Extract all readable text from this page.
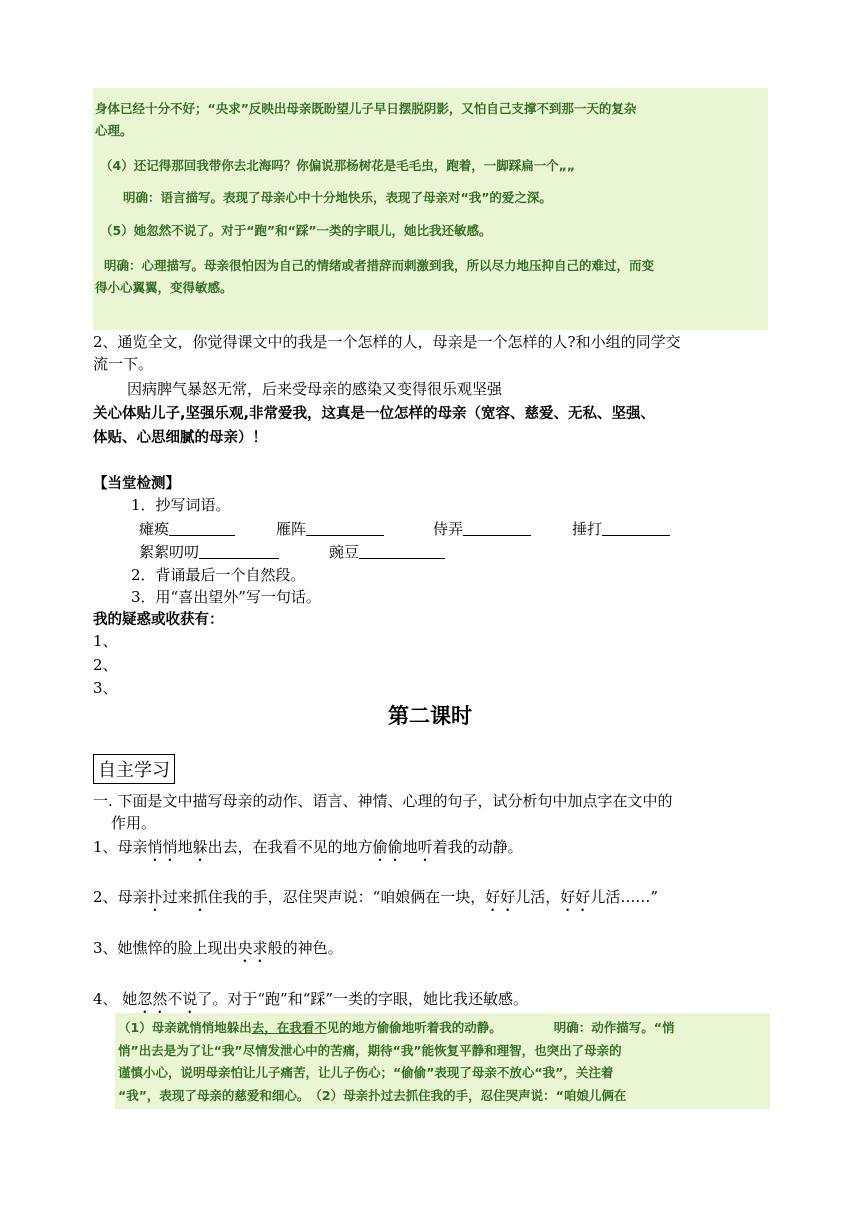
身体已经十分不好；“央求”反映出母亲既盼望儿子早日摆脱阴影，又怕自己支撑不到那一天的复杂
心理。
（4）还记得那回我带你去北海吗？你偏说那杨树花是毛毛虫，跑着，一脚踩扁一个„„
明确：语言描写。表现了母亲心中十分地快乐，表现了母亲对“我”的爱之深。
（5）她忽然不说了。对于“跑”和“踩”一类的字眼儿，她比我还敏感。
明确：心理描写。母亲很怕因为自己的情绪或者措辞而刺激到我，所以尽力地压抑自己的难过，而变
得小心翼翼，变得敏感。
2、通览全文，你觉得课文中的我是一个怎样的人，母亲是一个怎样的人?和小组的同学交
流一下。
因病脾气暴怒无常，后来受母亲的感染又变得很乐观坚强
关心体贴儿子,坚强乐观,非常爱我，这真是一位怎样的母亲（宽容、慈爱、无私、坚强、
体贴、心思细腻的母亲）！
【当堂检测】
1．抄写词语。
瘫痪	雁阵	侍弄	捶打
絮絮叨叨	豌豆
2．背诵最后一个自然段。
3．用“喜出望外”写一句话。
我的疑惑或收获有：
1、
2、
3、
第二课时
自主学习
一. 下面是文中描写母亲的动作、语言、神情、心理的句子，试分析句中加点字在文中的
作用。
1、母亲悄悄地躲出去，在我看不见的地方偷偷地听着我的动静。
2、母亲扑过来抓住我的手，忍住哭声说：“咱娘俩在一块，好好儿活，好好儿活……”
3、她憔悴的脸上现出央求般的神色。
4、 她忽然不说了。对于“跑”和“踩”一类的字眼，她比我还敏感。
（1）母亲就悄悄地躲出去，在我看不见的地方偷偷地听着我的动静。	明确：动作描写。“悄
悄”出去是为了让“我”尽情发泄心中的苦痛，期待“我”能恢复平静和理智，也突出了母亲的
谨慎小心，说明母亲怕让儿子痛苦，让儿子伤心；“偷偷”表现了母亲不放心“我”，关注着
“我”，表现了母亲的慈爱和细心。　（2）母亲扑过去抓住我的手，忍住哭声说：“咱娘儿俩在
